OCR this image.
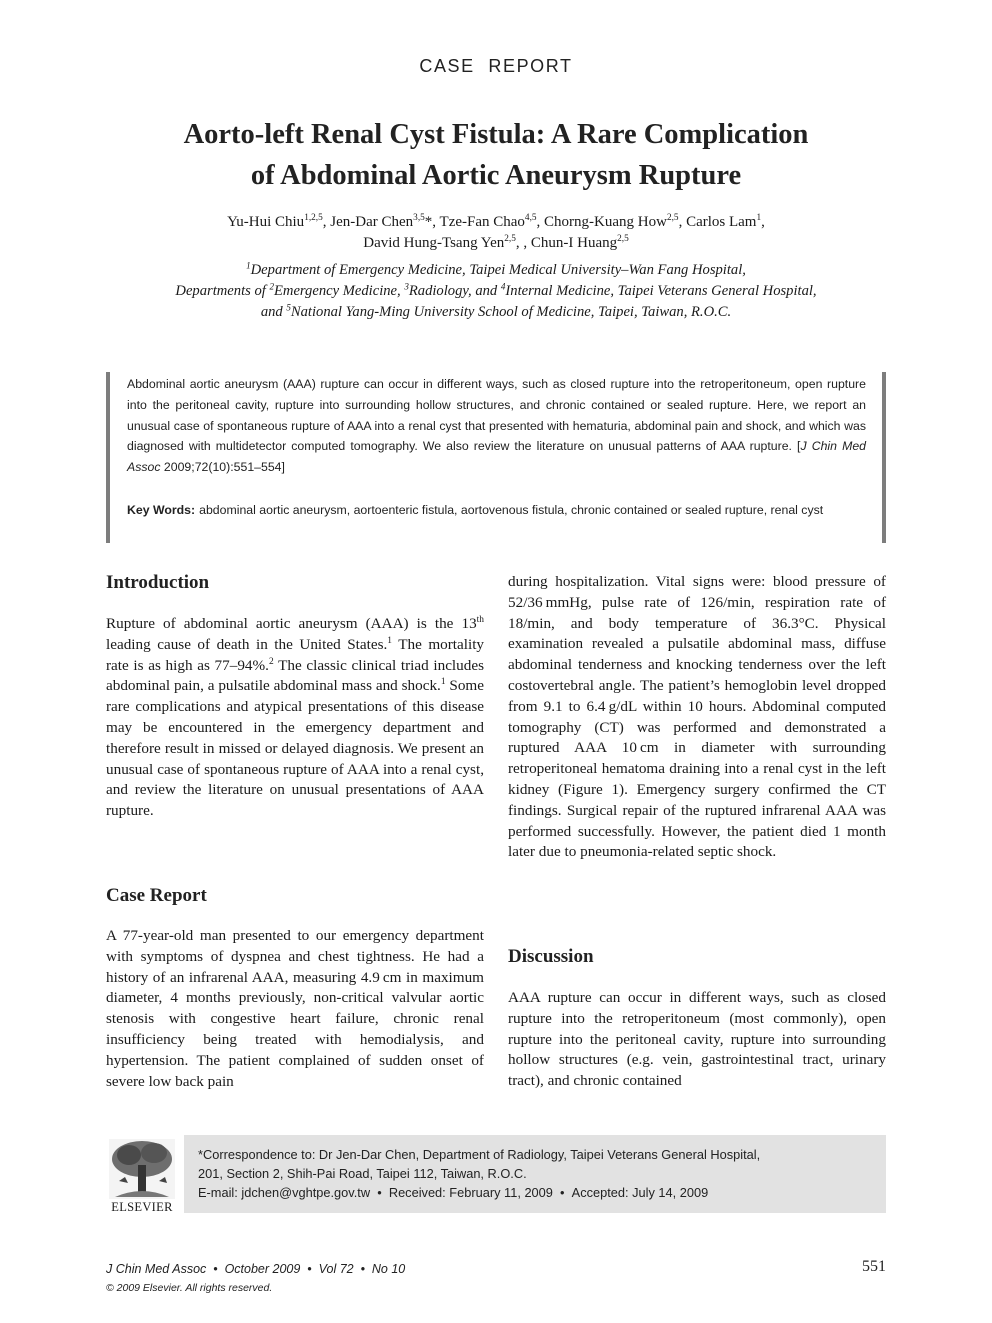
CASE REPORT
Aorto-left Renal Cyst Fistula: A Rare Complication
of Abdominal Aortic Aneurysm Rupture
Yu-Hui Chiu$^{1,2,5}$, Jen-Dar Chen$^{3,5}$*, Tze-Fan Chao$^{4,5}$, Chorng-Kuang How$^{2,5}$, Carlos Lam$^1$,
David Hung-Tsang Yen$^{2,5}$, , Chun-I Huang$^{2,5}$
$^1$Department of Emergency Medicine, Taipei Medical University–Wan Fang Hospital,
Departments of $^2$Emergency Medicine, $^3$Radiology, and $^4$Internal Medicine, Taipei Veterans General Hospital,
and $^5$National Yang-Ming University School of Medicine, Taipei, Taiwan, R.O.C.
Abdominal aortic aneurysm (AAA) rupture can occur in different ways, such as closed rupture into the retroperitoneum, open rupture into the peritoneal cavity, rupture into surrounding hollow structures, and chronic contained or sealed rupture. Here, we report an unusual case of spontaneous rupture of AAA into a renal cyst that presented with hematuria, abdominal pain and shock, and which was diagnosed with multidetector computed tomography. We also review the literature on unusual patterns of AAA rupture. [J Chin Med Assoc 2009;72(10):551–554]
Key Words: abdominal aortic aneurysm, aortoenteric fistula, aortovenous fistula, chronic contained or sealed rupture, renal cyst
Introduction

Rupture of abdominal aortic aneurysm (AAA) is the 13th leading cause of death in the United States.$^1$ The mortality rate is as high as 77–94%.$^2$ The classic clinical triad includes abdominal pain, a pulsatile abdominal mass and shock.$^1$ Some rare complications and atypical presentations of this disease may be encountered in the emergency department and therefore result in missed or delayed diagnosis. We present an unusual case of spontaneous rupture of AAA into a renal cyst, and review the literature on unusual presentations of AAA rupture.

Case Report

A 77-year-old man presented to our emergency department with symptoms of dyspnea and chest tightness. He had a history of an infrarenal AAA, measuring 4.9 cm in maximum diameter, 4 months previously, non-critical valvular aortic stenosis with congestive heart failure, chronic renal insufficiency being treated with hemodialysis, and hypertension. The patient complained of sudden onset of severe low back pain

during hospitalization. Vital signs were: blood pressure of 52/36 mmHg, pulse rate of 126/min, respiration rate of 18/min, and body temperature of 36.3°C. Physical examination revealed a pulsatile abdominal mass, diffuse abdominal tenderness and knocking tenderness over the left costovertebral angle. The patient’s hemoglobin level dropped from 9.1 to 6.4 g/dL within 10 hours. Abdominal computed tomography (CT) was performed and demonstrated a ruptured AAA 10 cm in diameter with surrounding retroperitoneal hematoma draining into a renal cyst in the left kidney (Figure 1). Emergency surgery confirmed the CT findings. Surgical repair of the ruptured infrarenal AAA was performed successfully. However, the patient died 1 month later due to pneumonia-related septic shock.

Discussion

AAA rupture can occur in different ways, such as closed rupture into the retroperitoneum (most commonly), open rupture into the peritoneal cavity, rupture into surrounding hollow structures (e.g. vein, gastrointestinal tract, urinary tract), and chronic contained

ELSEVIER
*Correspondence to: Dr Jen-Dar Chen, Department of Radiology, Taipei Veterans General Hospital,
201, Section 2, Shih-Pai Road, Taipei 112, Taiwan, R.O.C.
E-mail: jdchen@vghtpe.gov.tw • Received: February 11, 2009 • Accepted: July 14, 2009
J Chin Med Assoc • October 2009 • Vol 72 • No 10
© 2009 Elsevier. All rights reserved.
551
